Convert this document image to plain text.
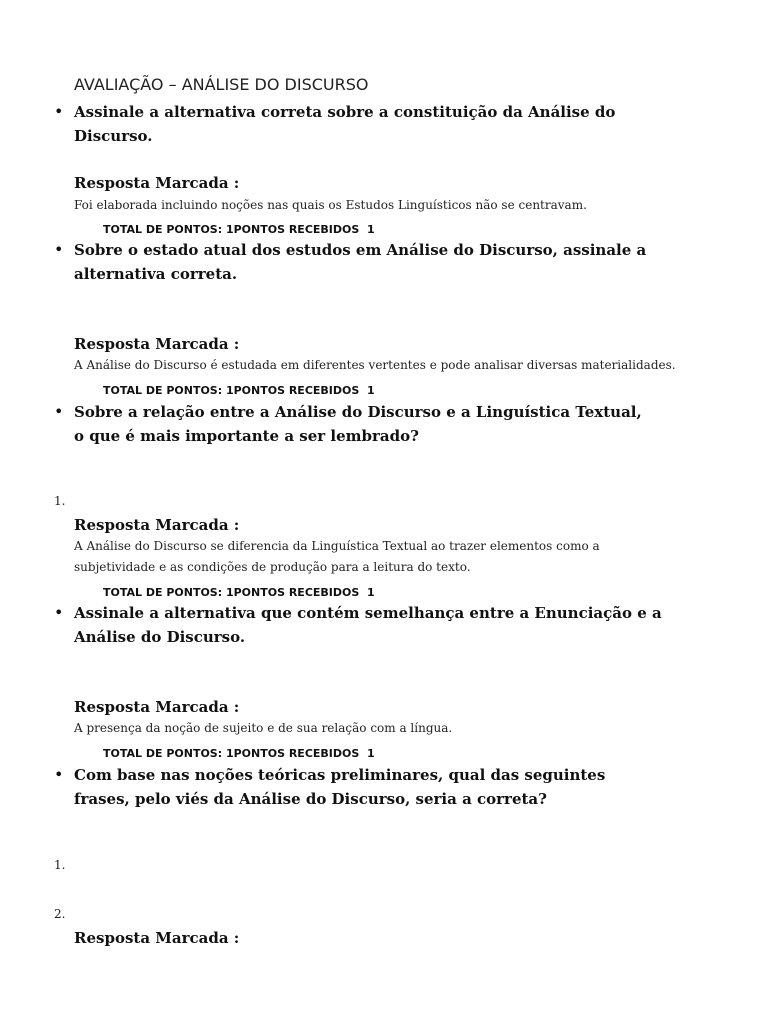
AVALIAÇÃO – ANÁLISE DO DISCURSO
• Assinale a alternativa correta sobre a constituição da Análise do Discurso.
Resposta Marcada :
Foi elaborada incluindo noções nas quais os Estudos Linguísticos não se centravam.
TOTAL DE PONTOS: 1PONTOS RECEBIDOS  1
• Sobre o estado atual dos estudos em Análise do Discurso, assinale a alternativa correta.
Resposta Marcada :
A Análise do Discurso é estudada em diferentes vertentes e pode analisar diversas materialidades.
TOTAL DE PONTOS: 1PONTOS RECEBIDOS  1
• Sobre a relação entre a Análise do Discurso e a Linguística Textual, o que é mais importante a ser lembrado?
1.
Resposta Marcada :
A Análise do Discurso se diferencia da Linguística Textual ao trazer elementos como a subjetividade e as condições de produção para a leitura do texto.
TOTAL DE PONTOS: 1PONTOS RECEBIDOS  1
• Assinale a alternativa que contém semelhança entre a Enunciação e a Análise do Discurso.
Resposta Marcada :
A presença da noção de sujeito e de sua relação com a língua.
TOTAL DE PONTOS: 1PONTOS RECEBIDOS  1
• Com base nas noções teóricas preliminares, qual das seguintes frases, pelo viés da Análise do Discurso, seria a correta?
1.
2.
Resposta Marcada :
